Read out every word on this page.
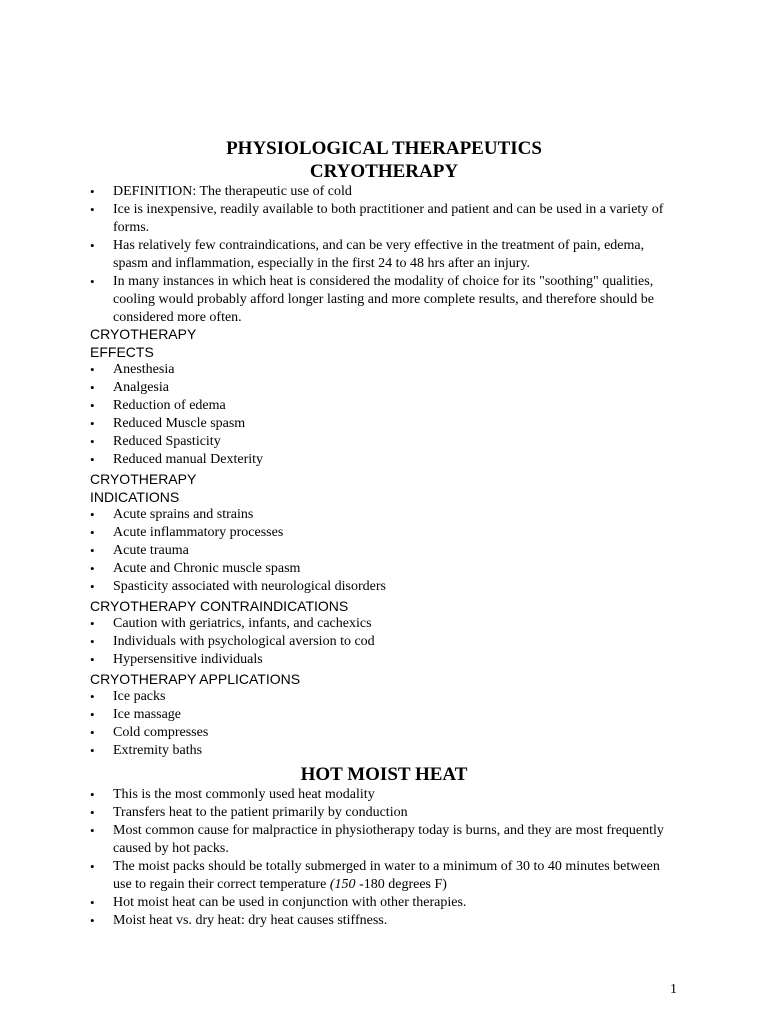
PHYSIOLOGICAL THERAPEUTICS
CRYOTHERAPY
• DEFINITION: The therapeutic use of cold
• Ice is inexpensive, readily available to both practitioner and patient and can be used in a variety of forms.
• Has relatively few contraindications, and can be very effective in the treatment of pain, edema, spasm and inflammation, especially in the first 24 to 48 hrs after an injury.
• In many instances in which heat is considered the modality of choice for its "soothing" qualities, cooling would probably afford longer lasting and more complete results, and therefore should be considered more often.
CRYOTHERAPY
EFFECTS
• Anesthesia
• Analgesia
• Reduction of edema
• Reduced Muscle spasm
• Reduced Spasticity
• Reduced manual Dexterity
CRYOTHERAPY
INDICATIONS
• Acute sprains and strains
• Acute inflammatory processes
• Acute trauma
• Acute and Chronic muscle spasm
• Spasticity associated with neurological disorders
CRYOTHERAPY CONTRAINDICATIONS
• Caution with geriatrics, infants, and cachexics
• Individuals with psychological aversion to cod
• Hypersensitive individuals
CRYOTHERAPY APPLICATIONS
• Ice packs
• Ice massage
• Cold compresses
• Extremity baths
HOT MOIST HEAT
• This is the most commonly used heat modality
• Transfers heat to the patient primarily by conduction
• Most common cause for malpractice in physiotherapy today is burns, and they are most frequently caused by hot packs.
• The moist packs should be totally submerged in water to a minimum of 30 to 40 minutes between use to regain their correct temperature (150 -180 degrees F)
• Hot moist heat can be used in conjunction with other therapies.
• Moist heat vs. dry heat: dry heat causes stiffness.
1
